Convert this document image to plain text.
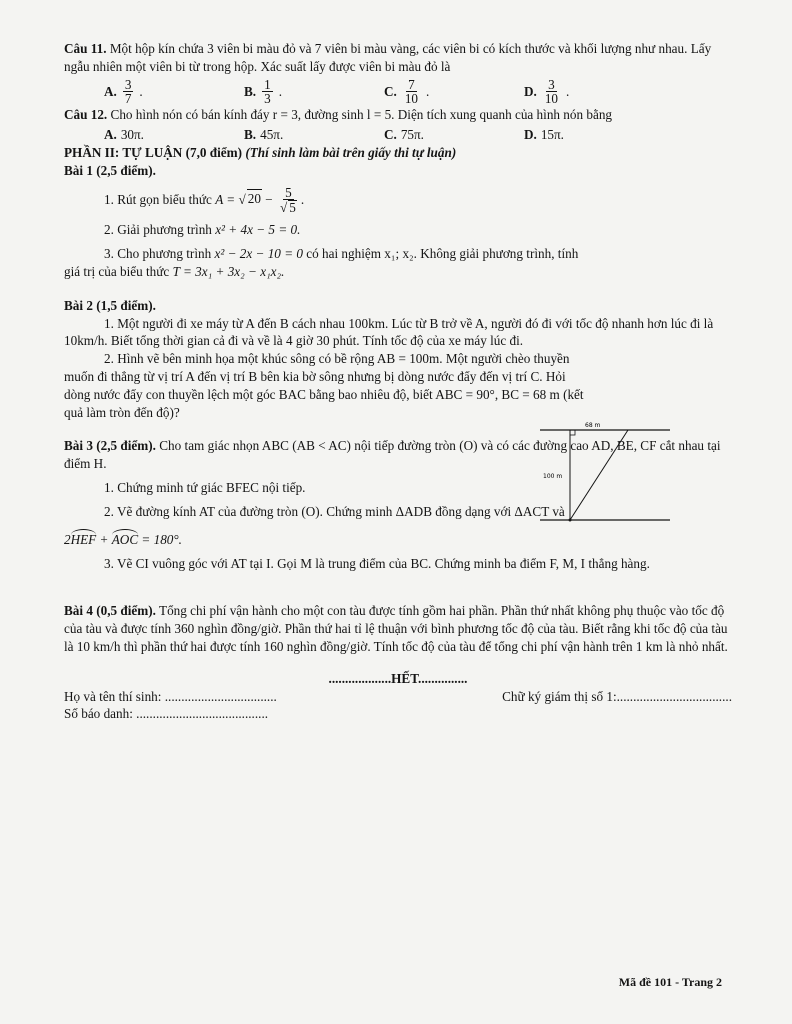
Câu 11. Một hộp kín chứa 3 viên bi màu đỏ và 7 viên bi màu vàng, các viên bi có kích thước và khối lượng như nhau. Lấy ngẫu nhiên một viên bi từ trong hộp. Xác suất lấy được viên bi màu đỏ là

A. $\frac{3}{7}$ .	B. $\frac{1}{3}$ .	C. $\frac{7}{10}$ .	D. $\frac{3}{10}$ .

Câu 12. Cho hình nón có bán kính đáy r = 3, đường sinh l = 5. Diện tích xung quanh của hình nón bằng

A. 30π.	B. 45π.	C. 75π.	D. 15π.

PHẦN II: TỰ LUẬN (7,0 điểm) (Thí sinh làm bài trên giấy thi tự luận)

Bài 1 (2,5 điểm).

1. Rút gọn biểu thức A = √ $20 - \frac{5}{√ 5}$ .

2. Giải phương trình x² + 4x − 5 = 0.

3. Cho phương trình x² − 2x − 10 = 0 có hai nghiệm x₁; x₂. Không giải phương trình, tính

giá trị của biểu thức T = 3x₁ + 3x₂ − x₁x₂.

Bài 2 (1,5 điểm).

1. Một người đi xe máy từ A đến B cách nhau 100km. Lúc từ B trở về A, người đó đi với tốc độ nhanh hơn lúc đi là 10km/h. Biết tổng thời gian cả đi và về là 4 giờ 30 phút. Tính tốc độ của xe máy lúc đi.

2. Hình vẽ bên minh họa một khúc sông có bề rộng AB = 100m. Một người chèo thuyền muốn đi thẳng từ vị trí A đến vị trí B bên kia bờ sông nhưng bị dòng nước đẩy đến vị trí C. Hỏi dòng nước đẩy con thuyền lệch một góc BAC bằng bao nhiêu độ, biết ABC = 90°, BC = 68 m (kết quả làm tròn đến độ)?

Bài 3 (2,5 điểm). Cho tam giác nhọn ABC (AB < AC) nội tiếp đường tròn (O) và có các đường cao AD, BE, CF cắt nhau tại điểm H.

1. Chứng minh tứ giác BFEC nội tiếp.

2. Vẽ đường kính AT của đường tròn (O). Chứng minh ΔADB đồng dạng với ΔACT và

2HEF + AOC = 180°.

3. Vẽ CI vuông góc với AT tại I. Gọi M là trung điểm của BC. Chứng minh ba điểm F, M, I thẳng hàng.

Bài 4 (0,5 điểm). Tổng chi phí vận hành cho một con tàu được tính gồm hai phần. Phần thứ nhất không phụ thuộc vào tốc độ của tàu và được tính 360 nghìn đồng/giờ. Phần thứ hai tỉ lệ thuận với bình phương tốc độ của tàu. Biết rằng khi tốc độ của tàu là 10 km/h thì phần thứ hai được tính 160 nghìn đồng/giờ. Tính tốc độ của tàu để tổng chi phí vận hành trên 1 km là nhỏ nhất.

...................HẾT...............

Họ và tên thí sinh: ..................................	Chữ ký giám thị số 1:...................................

Số báo danh: ........................................

68 m
100 m
Mã đề 101 - Trang 2
